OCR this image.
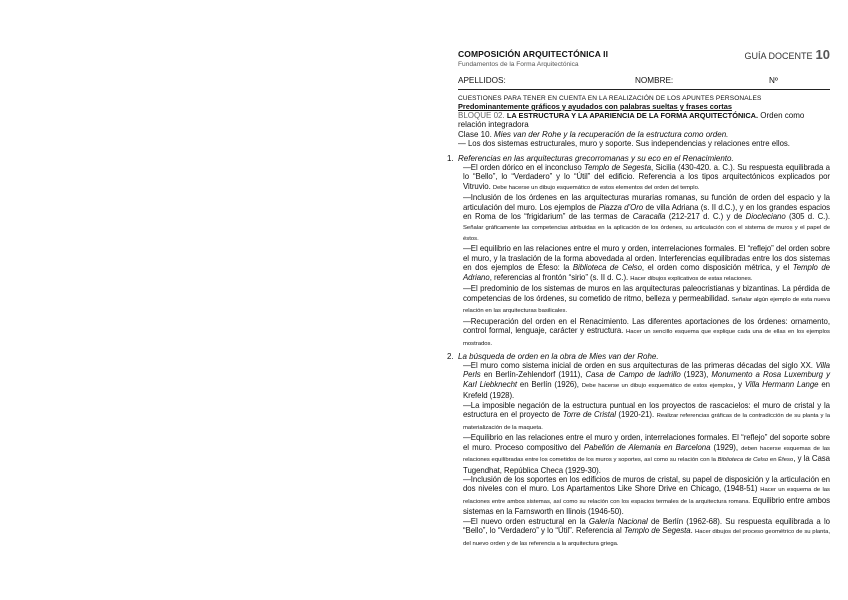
COMPOSICIÓN ARQUITECTÓNICA II
Fundamentos de la Forma Arquitectónica
GUÍA DOCENTE 10
APELLIDOS:	NOMBRE:	Nº
CUESTIONES PARA TENER EN CUENTA EN LA REALIZACIÓN DE LOS APUNTES PERSONALES
Predominantemente gráficos y ayudados con palabras sueltas y frases cortas
BLOQUE 02. LA ESTRUCTURA Y LA APARIENCIA DE LA FORMA ARQUITECTÓNICA. Orden como relación integradora
Clase 10. Mies van der Rohe y la recuperación de la estructura como orden.
— Los dos sistemas estructurales, muro y soporte. Sus independencias y relaciones entre ellos.
1. Referencias en las arquitecturas grecorromanas y su eco en el Renacimiento.

—El orden dórico en el inconcluso Templo de Segesta, Sicilia (430-420. a. C.). Su respuesta equilibrada a lo “Bello”, lo “Verdadero” y lo “Útil” del edificio. Referencia a los tipos arquitectónicos explicados por Vitruvio. Debe hacerse un dibujo esquemático de estos elementos del orden del templo.

—Inclusión de los órdenes en las arquitecturas murarias romanas, su función de orden del espacio y la articulación del muro. Los ejemplos de Piazza d’Oro de villa Adriana (s. II d.C.), y en los grandes espacios en Roma de los “frigidarium” de las termas de Caracalla (212-217 d. C.) y de Diocleciano (305 d. C.). Señalar gráficamente las competencias atribuidas en la aplicación de los órdenes, su articulación con el sistema de muros y el papel de éstos.

—El equilibrio en las relaciones entre el muro y orden, interrelaciones formales. El “reflejo” del orden sobre el muro, y la traslación de la forma abovedada al orden. Interferencias equilibradas entre los dos sistemas en dos ejemplos de Éfeso: la Biblioteca de Celso, el orden como disposición métrica, y el Templo de Adriano, referencias al frontón “sirio” (s. II d. C.). Hacer dibujos explicativos de estas relaciones.

—El predominio de los sistemas de muros en las arquitecturas paleocristianas y bizantinas. La pérdida de competencias de los órdenes, su cometido de ritmo, belleza y permeabilidad. Señalar algún ejemplo de esta nueva relación en las arquitecturas basilicales.

—Recuperación del orden en el Renacimiento. Las diferentes aportaciones de los órdenes: ornamento, control formal, lenguaje, carácter y estructura. Hacer un sencillo esquema que explique cada una de ellas en los ejemplos mostrados.

2. La búsqueda de orden en la obra de Mies van der Rohe.

—El muro como sistema inicial de orden en sus arquitecturas de las primeras décadas del siglo XX. Villa Perls en Berlín-Zehlendorf (1911), Casa de Campo de ladrillo (1923), Monumento a Rosa Luxemburg y Karl Liebknecht en Berlín (1926), Debe hacerse un dibujo esquemático de estos ejemplos, y Villa Hermann Lange en Krefeld (1928).

—La imposible negación de la estructura puntual en los proyectos de rascacielos: el muro de cristal y la estructura en el proyecto de Torre de Cristal (1920-21). Realizar referencias gráficas de la contradicción de su planta y la materialización de la maqueta.

—Equilibrio en las relaciones entre el muro y orden, interrelaciones formales. El “reflejo” del soporte sobre el muro. Proceso compositivo del Pabellón de Alemania en Barcelona (1929), deben hacerse esquemas de las relaciones equilibradas entre los cometidos de los muros y soportes, así como su relación con la Biblioteca de Celso en Éfeso, y la Casa Tugendhat, República Checa (1929-30).

—Inclusión de los soportes en los edificios de muros de cristal, su papel de disposición y la articulación en dos niveles con el muro. Los Apartamentos Like Shore Drive en Chicago, (1948-51) Hacer un esquema de las relaciones entre ambos sistemas, así como su relación con los espacios termales de la arquitectura romana. Equilibrio entre ambos sistemas en la Farnsworth en Ilinois (1946-50).

—El nuevo orden estructural en la Galería Nacional de Berlín (1962-68). Su respuesta equilibrada a lo “Bello”, lo “Verdadero” y lo “Útil”. Referencia al Templo de Segesta. Hacer dibujos del proceso geométrico de su planta, del nuevo orden y de las referencia a la arquitectura griega.
